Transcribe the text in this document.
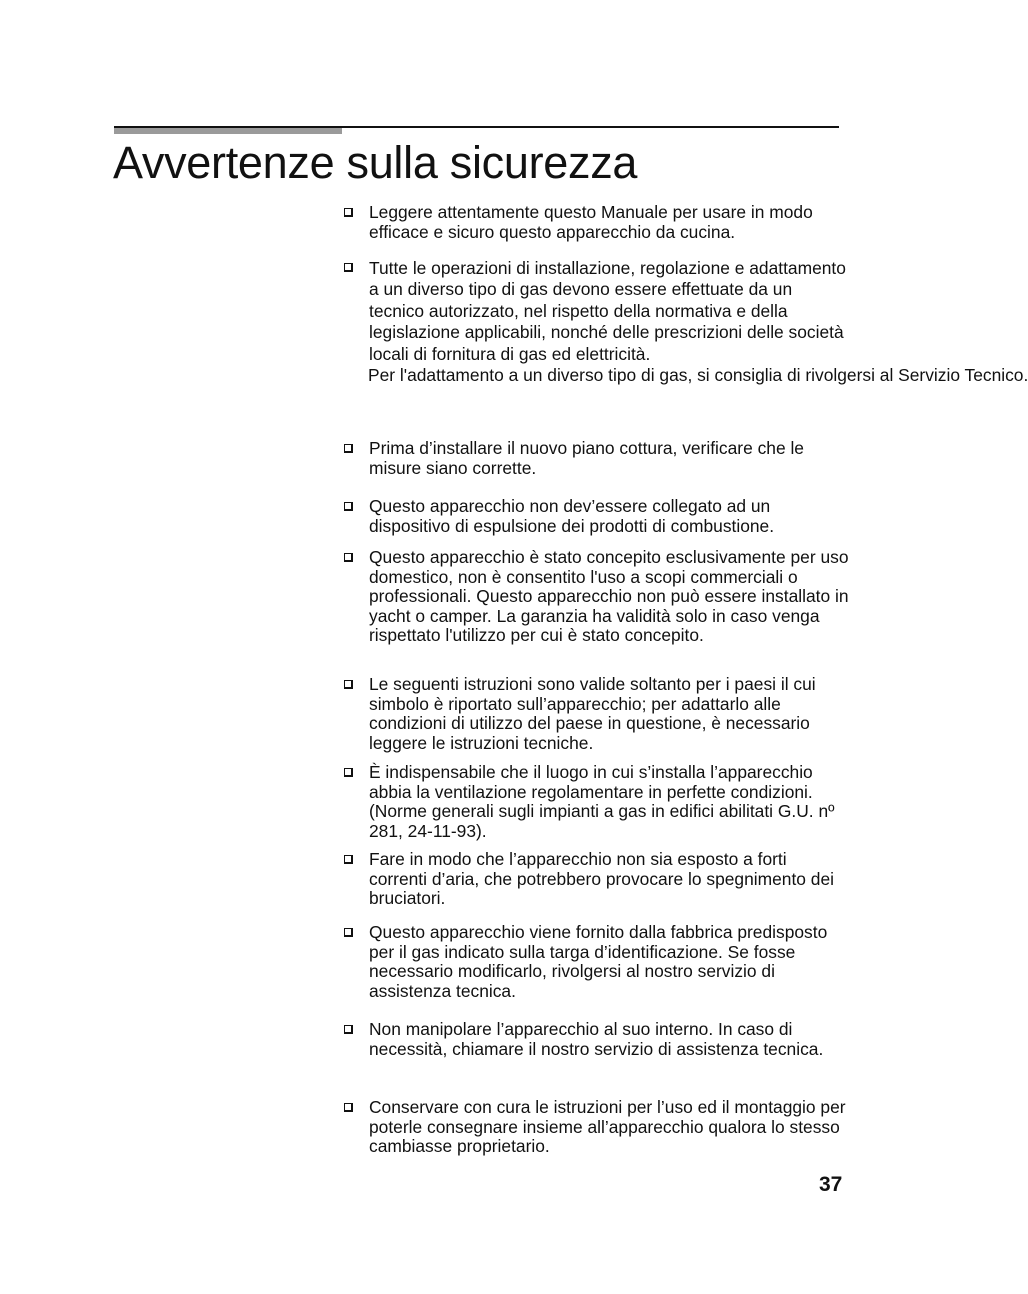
Avvertenze sulla sicurezza
Leggere attentamente questo Manuale per usare in modo efficace e sicuro questo apparecchio da cucina.
Tutte le operazioni di installazione, regolazione e adattamento a un diverso tipo di gas devono essere effettuate da un tecnico autorizzato, nel rispetto della normativa e della legislazione applicabili, nonché delle prescrizioni delle società locali di fornitura di gas ed elettricità.
Per l'adattamento a un diverso tipo di gas, si consiglia di rivolgersi al Servizio Tecnico.
Prima d’installare il nuovo piano cottura, verificare che le misure siano corrette.
Questo apparecchio non dev’essere collegato ad un dispositivo di espulsione dei prodotti di combustione.
Questo apparecchio è stato concepito esclusivamente per uso domestico, non è consentito l'uso a scopi commerciali o professionali. Questo apparecchio non può essere installato in yacht o camper. La garanzia ha validità solo in caso venga rispettato l'utilizzo per cui è stato concepito.
Le seguenti istruzioni sono valide soltanto per i paesi il cui simbolo è riportato sull’apparecchio; per adattarlo alle condizioni di utilizzo del paese in questione, è necessario leggere le istruzioni tecniche.
È indispensabile che il luogo in cui s’installa l’apparecchio abbia la ventilazione regolamentare in perfette condizioni. (Norme generali sugli impianti a gas in edifici abilitati G.U. nº 281, 24-11-93).
Fare in modo che l’apparecchio non sia esposto a forti correnti d’aria, che potrebbero provocare lo spegnimento dei bruciatori.
Questo apparecchio viene fornito dalla fabbrica predisposto per il gas indicato sulla targa d’identificazione. Se fosse necessario modificarlo, rivolgersi al nostro servizio di assistenza tecnica.
Non manipolare l’apparecchio al suo interno. In caso di necessità, chiamare il nostro servizio di assistenza tecnica.
Conservare con cura le istruzioni per l’uso ed il montaggio per poterle consegnare insieme all’apparecchio qualora lo stesso cambiasse proprietario.
37
